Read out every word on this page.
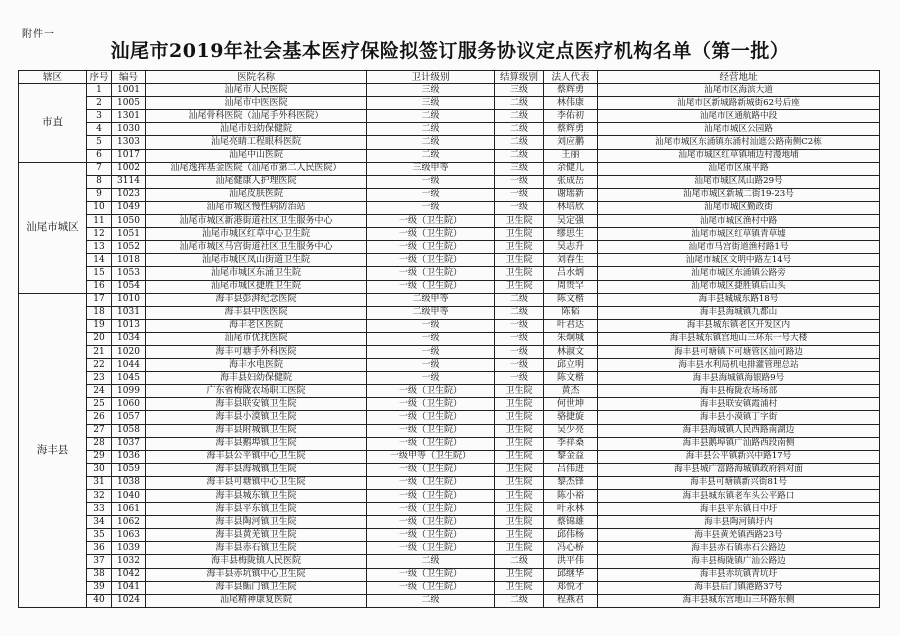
附件一
汕尾市2019年社会基本医疗保险拟签订服务协议定点医疗机构名单（第一批）
辖区	序号	编号	医院名称	卫计级别	结算级别	法人代表	经营地址
市直	1	1001	汕尾市人民医院	三级	三级	蔡辉勇	汕尾市区海滨大道
	2	1005	汕尾市中医医院	三级	二级	林伟康	汕尾市区新城路新城街62号后座
	3	1301	汕尾骨科医院（汕尾手外科医院）	二级	二级	李佑初	汕尾市区通航路中段
	4	1030	汕尾市妇幼保健院	二级	二级	蔡辉勇	汕尾市城区公园路
	5	1303	汕尾亮睛工程眼科医院	二级	二级	刘应鹏	汕尾市城区东涌镇东涌村汕遮公路南侧C2栋
	6	1017	汕尾中山医院	二级	二级	王丽	汕尾市城区红草镇埔边村漫地埔
汕尾市城区	7	1002	汕尾逸挥基金医院（汕尾市第二人民医院）	三级甲等	三级	余健儿	汕尾市区康平路
	8	3114	汕尾健康人护理医院	一级	一级	张成岳	汕尾市城区凤山路29号
	9	1023	汕尾皮肤医院	一级	一级	谢瑶新	汕尾市城区新城二街19-23号
	10	1049	汕尾市城区慢性病防治站	一级	一级	林培欣	汕尾市城区勤政街
	11	1050	汕尾市城区新港街道社区卫生服务中心	一级（卫生院）	卫生院	吴定强	汕尾市城区渔村中路
	12	1051	汕尾市城区红草中心卫生院	一级（卫生院）	卫生院	缪思生	汕尾市城区红草镇青草墟
	13	1052	汕尾市城区马宫街道社区卫生服务中心	一级（卫生院）	卫生院	吴志升	汕尾市马宫街道渔村路1号
	14	1018	汕尾市城区凤山街道卫生院	一级（卫生院）	卫生院	刘春生	汕尾市城区文明中路左14号
	15	1053	汕尾市城区东涌卫生院	一级（卫生院）	卫生院	吕水炳	汕尾市城区东涌镇公路旁
	16	1054	汕尾市城区捷胜卫生院	一级（卫生院）	卫生院	周贵罕	汕尾市城区捷胜镇后山头
海丰县	17	1010	海丰县彭湃纪念医院	二级甲等	二级	陈文楷	海丰县城城东路18号
	18	1031	海丰县中医医院	二级甲等	二级	陈韬	海丰县海城镇九都山
	19	1013	海丰老区医院	一级	一级	叶君达	海丰县城东镇老区开发区内
	20	1034	汕尾市优抚医院	一级	一级	朱炯城	海丰县城东镇宫地山三环东一号大楼
	21	1020	海丰可塘手外科医院	一级	一级	林淑文	海丰县可塘镇下可塘管区汕可路边
	22	1044	海丰水电医院	一级	一级	邱立明	海丰县水利局机电排灌管理总站
	23	1045	海丰县妇幼保健院	一级	一级	陈文楷	海丰县海城镇海银路9号
	24	1099	广东省梅陇农场职工医院	一级（卫生院）	卫生院	黄杰	海丰县梅陇农场场部
	25	1060	海丰县联安镇卫生院	一级（卫生院）	卫生院	何世坤	海丰县联安镇霞浦村
	26	1057	海丰县小漠镇卫生院	一级（卫生院）	卫生院	骆捷旋	海丰县小漠镇丁字街
	27	1058	海丰县附城镇卫生院	一级（卫生院）	卫生院	吴少亮	海丰县海城镇人民西路南湖边
	28	1037	海丰县鹅埠镇卫生院	一级（卫生院）	卫生院	李祥桑	海丰县鹅埠镇广汕路西段南侧
	29	1036	海丰县公平镇中心卫生院	一级甲等（卫生院）	卫生院	黎金益	海丰县公平镇新兴中路17号
	30	1059	海丰县海城镇卫生院	一级（卫生院）	卫生院	吕伟进	海丰县城广富路海城镇政府斜对面
	31	1038	海丰县可塘镇中心卫生院	一级（卫生院）	卫生院	黎杰锋	海丰县可塘镇新兴街81号
	32	1040	海丰县城东镇卫生院	一级（卫生院）	卫生院	陈小裕	海丰县城东镇老车头公平路口
	33	1061	海丰县平东镇卫生院	一级（卫生院）	卫生院	叶永林	海丰县平东镇日中圩
	34	1062	海丰县陶河镇卫生院	一级（卫生院）	卫生院	蔡锦雄	海丰县陶河镇圩内
	35	1063	海丰县黄羌镇卫生院	一级（卫生院）	卫生院	邱伟杨	海丰县黄羌镇西路23号
	36	1039	海丰县赤石镇卫生院	一级（卫生院）	卫生院	冯心桥	海丰县赤石镇赤石公路边
	37	1032	海丰县梅陇镇人民医院	二级	二级	洪平伟	海丰县梅陇镇广汕公路边
	38	1042	海丰县赤坑镇中心卫生院	一级（卫生院）	卫生院	邱继华	海丰县赤坑镇青坑圩
	39	1041	海丰县鲘门镇卫生院	一级（卫生院）	卫生院	郑悦才	海丰县后门镇港路37号
	40	1024	汕尾精神康复医院	二级	二级	程燕君	海丰县城东宫地山三环路东侧
